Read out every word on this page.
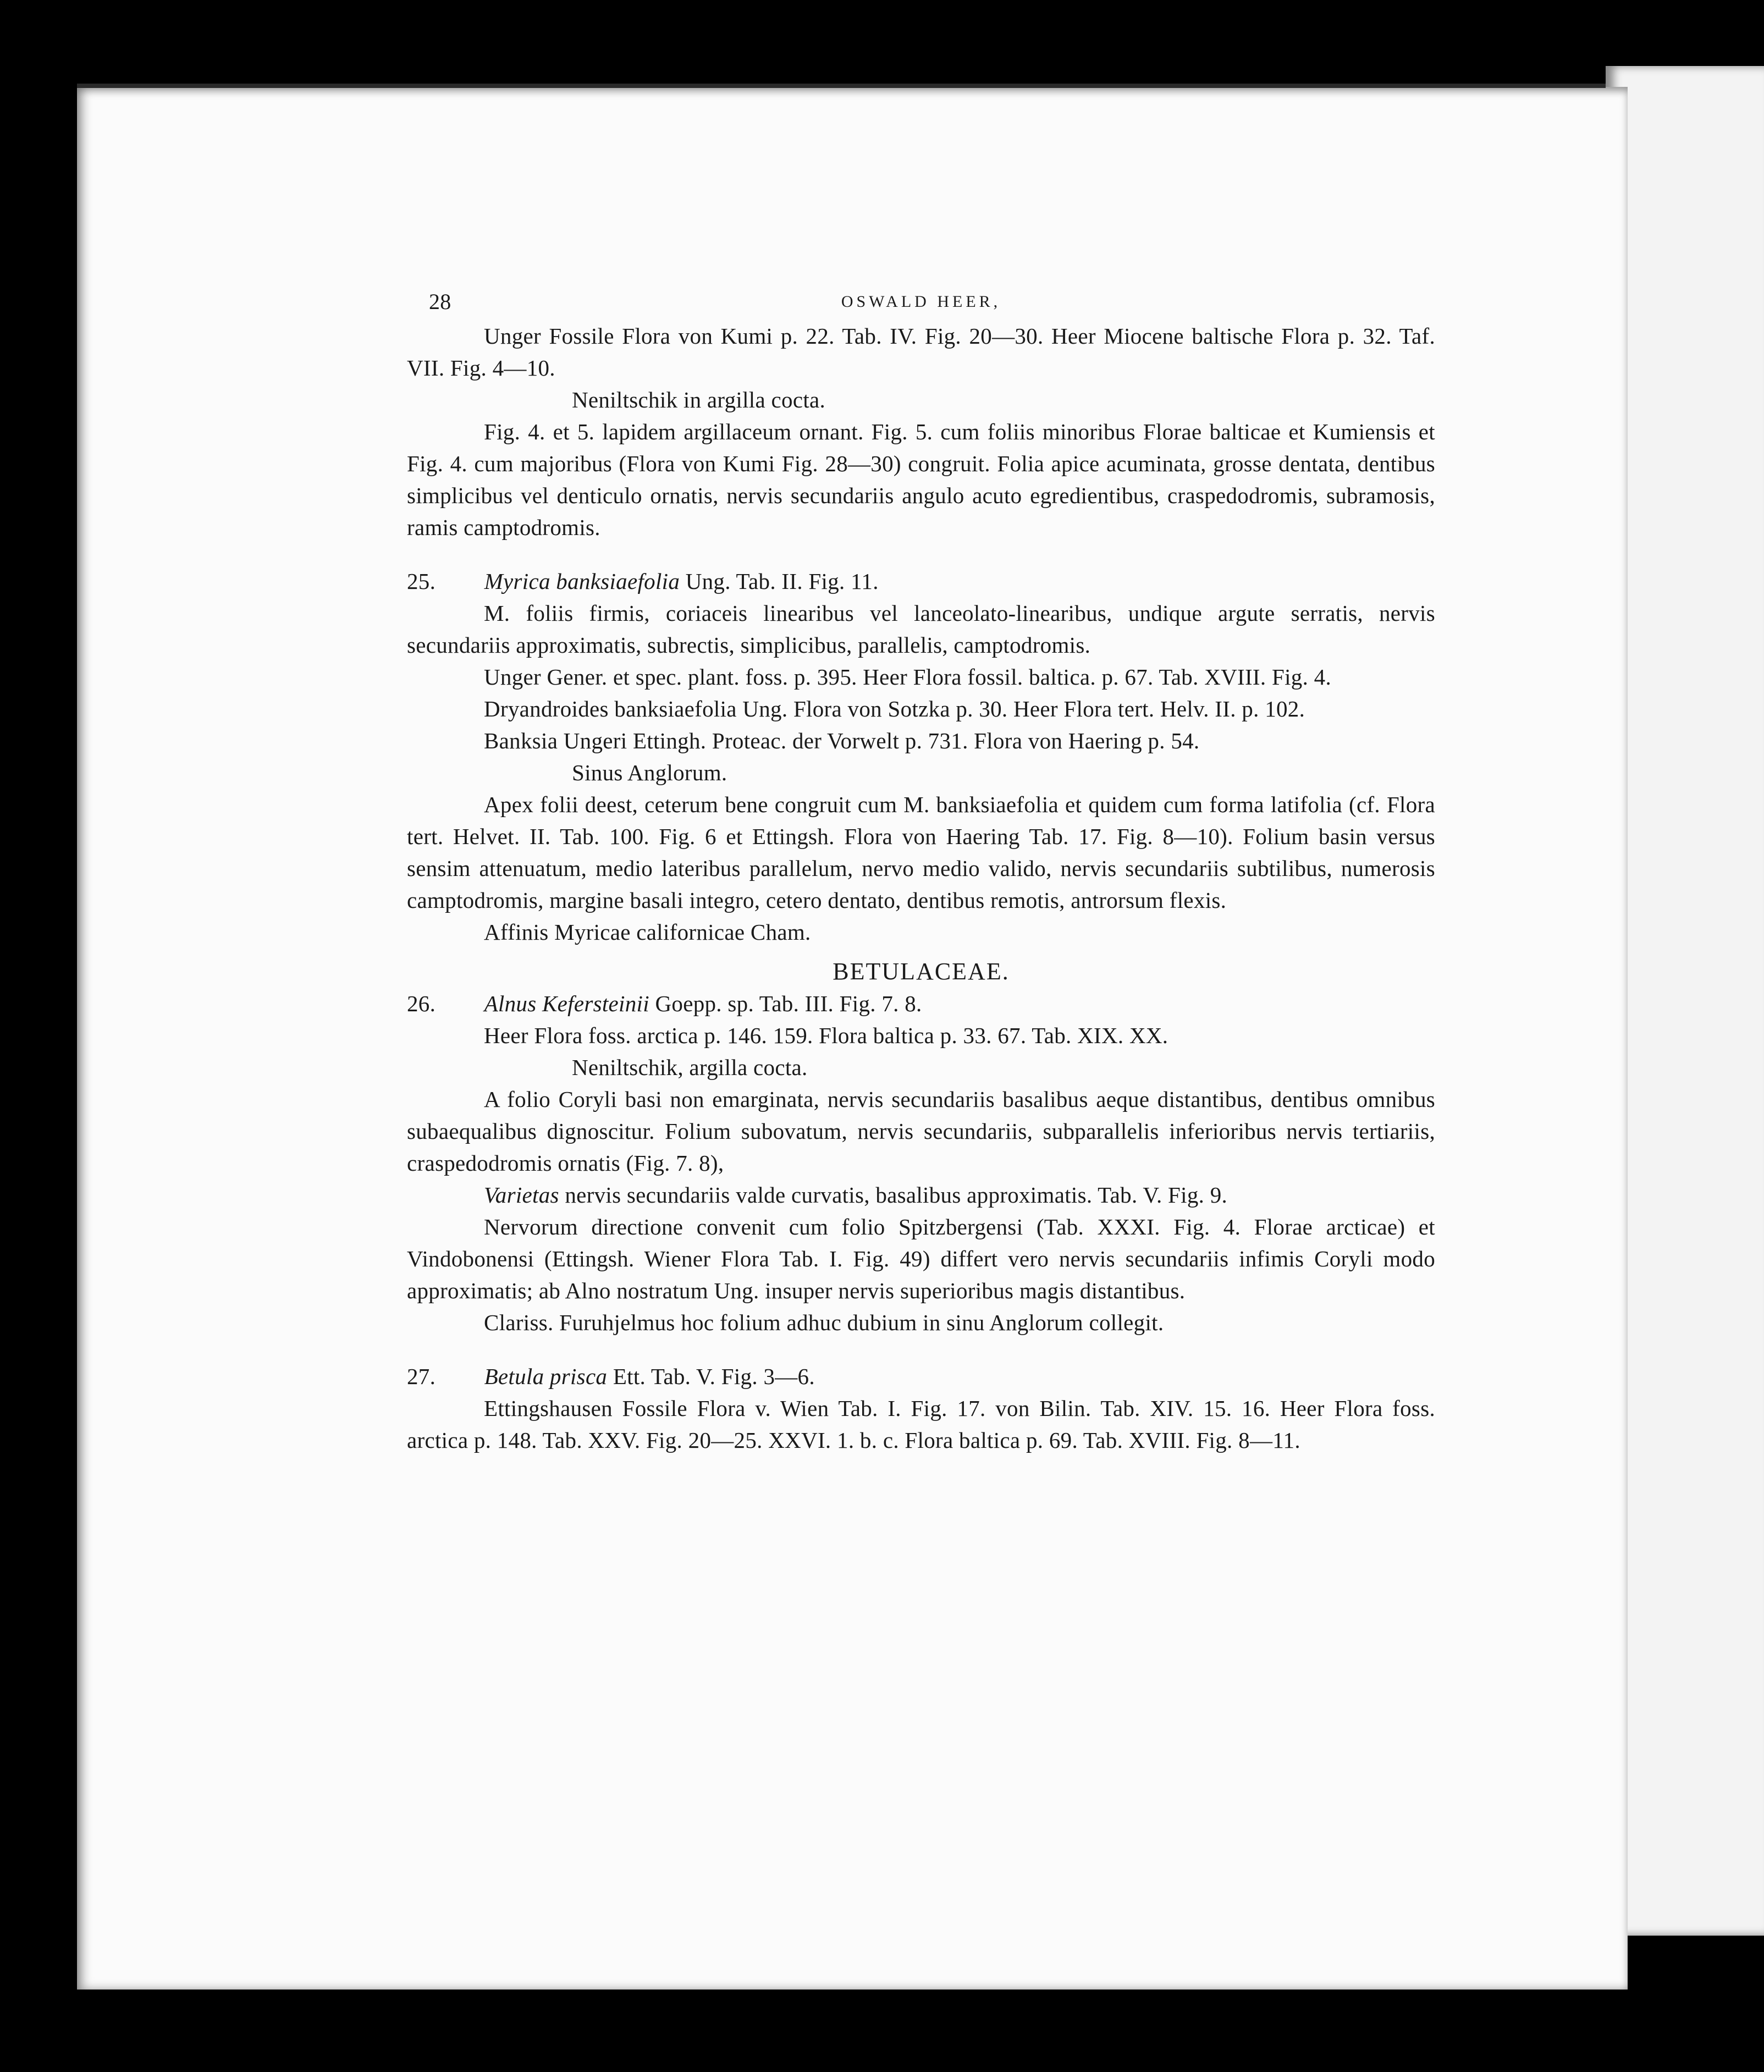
28	OSWALD HEER,

Unger Fossile Flora von Kumi p. 22. Tab. IV. Fig. 20—30. Heer Miocene baltische Flora p. 32. Taf. VII. Fig. 4—10.

Neniltschik in argilla cocta.

Fig. 4. et 5. lapidem argillaceum ornant. Fig. 5. cum foliis minoribus Florae balticae et Kumiensis et Fig. 4. cum majoribus (Flora von Kumi Fig. 28—30) congruit. Folia apice acuminata, grosse dentata, dentibus simplicibus vel denticulo ornatis, nervis secundariis angulo acuto egredientibus, craspedodromis, subramosis, ramis camptodromis.

25. Myrica banksiaefolia Ung. Tab. II. Fig. 11.

M. foliis firmis, coriaceis linearibus vel lanceolato-linearibus, undique argute serratis, nervis secundariis approximatis, subrectis, simplicibus, parallelis, camptodromis.

Unger Gener. et spec. plant. foss. p. 395. Heer Flora fossil. baltica. p. 67. Tab. XVIII. Fig. 4.

Dryandroides banksiaefolia Ung. Flora von Sotzka p. 30. Heer Flora tert. Helv. II. p. 102.

Banksia Ungeri Ettingh. Proteac. der Vorwelt p. 731. Flora von Haering p. 54.

Sinus Anglorum.

Apex folii deest, ceterum bene congruit cum M. banksiaefolia et quidem cum forma latifolia (cf. Flora tert. Helvet. II. Tab. 100. Fig. 6 et Ettingsh. Flora von Haering Tab. 17. Fig. 8—10). Folium basin versus sensim attenuatum, medio lateribus parallelum, nervo medio valido, nervis secundariis subtilibus, numerosis camptodromis, margine basali integro, cetero dentato, dentibus remotis, antrorsum flexis.

Affinis Myricae californicae Cham.

BETULACEAE.

26. Alnus Kefersteinii Goepp. sp. Tab. III. Fig. 7. 8.

Heer Flora foss. arctica p. 146. 159. Flora baltica p. 33. 67. Tab. XIX. XX.

Neniltschik, argilla cocta.

A folio Coryli basi non emarginata, nervis secundariis basalibus aeque distantibus, dentibus omnibus subaequalibus dignoscitur. Folium subovatum, nervis secundariis, subparallelis inferioribus nervis tertiariis, craspedodromis ornatis (Fig. 7. 8),

Varietas nervis secundariis valde curvatis, basalibus approximatis. Tab. V. Fig. 9.

Nervorum directione convenit cum folio Spitzbergensi (Tab. XXXI. Fig. 4. Florae arcticae) et Vindobonensi (Ettingsh. Wiener Flora Tab. I. Fig. 49) differt vero nervis secundariis infimis Coryli modo approximatis; ab Alno nostratum Ung. insuper nervis superioribus magis distantibus.

Clariss. Furuhjelmus hoc folium adhuc dubium in sinu Anglorum collegit.

27. Betula prisca Ett. Tab. V. Fig. 3—6.

Ettingshausen Fossile Flora v. Wien Tab. I. Fig. 17. von Bilin. Tab. XIV. 15. 16. Heer Flora foss. arctica p. 148. Tab. XXV. Fig. 20—25. XXVI. 1. b. c. Flora baltica p. 69. Tab. XVIII. Fig. 8—11.
